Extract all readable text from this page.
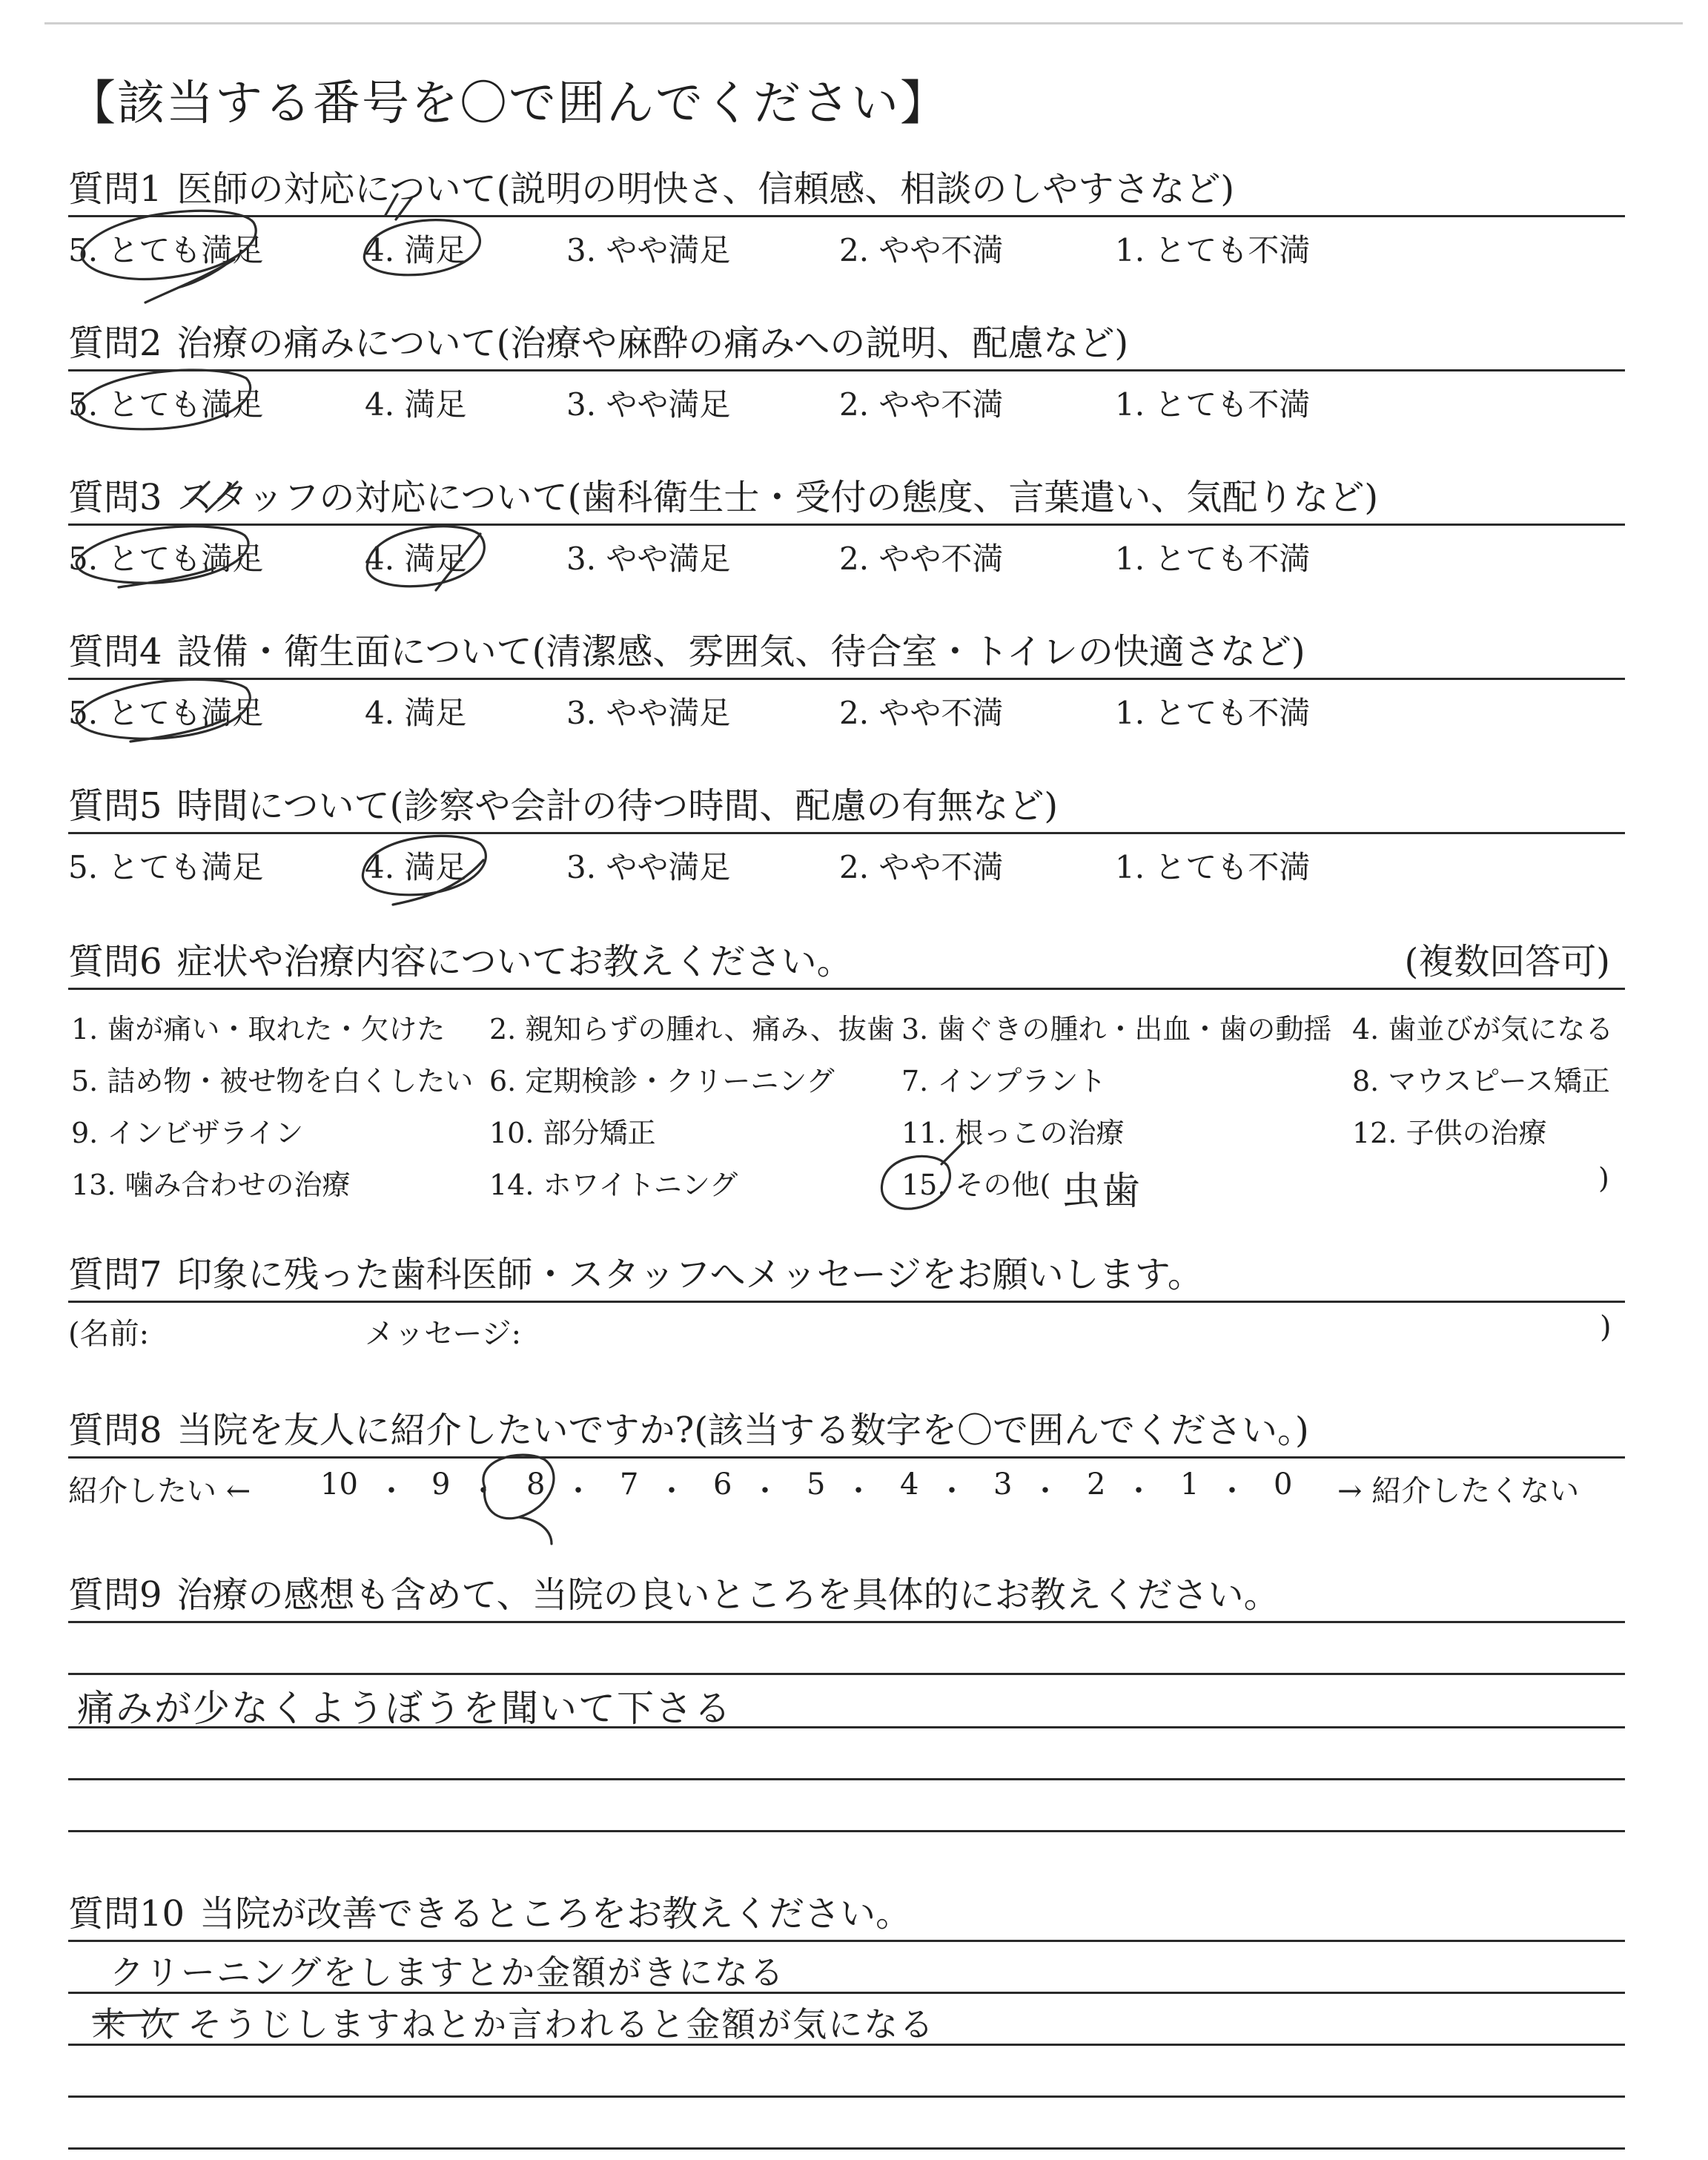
【該当する番号を〇で囲んでください】
質問1 医師の対応について(説明の明快さ、信頼感、相談のしやすさなど)
5. とても満足	4. 満足	3. やや満足	2. やや不満	1. とても不満
質問2 治療の痛みについて(治療や麻酔の痛みへの説明、配慮など)
5. とても満足	4. 満足	3. やや満足	2. やや不満	1. とても不満
質問3 スタッフの対応について(歯科衛生士・受付の態度、言葉遣い、気配りなど)
5. とても満足	4. 満足	3. やや満足	2. やや不満	1. とても不満
質問4 設備・衛生面について(清潔感、雰囲気、待合室・トイレの快適さなど)
5. とても満足	4. 満足	3. やや満足	2. やや不満	1. とても不満
質問5 時間について(診察や会計の待つ時間、配慮の有無など)
5. とても満足	4. 満足	3. やや満足	2. やや不満	1. とても不満
質問6 症状や治療内容についてお教えください。	(複数回答可)
1. 歯が痛い・取れた・欠けた 2. 親知らずの腫れ、痛み、抜歯 3. 歯ぐきの腫れ・出血・歯の動揺 4. 歯並びが気になる
5. 詰め物・被せ物を白くしたい 6. 定期検診・クリーニング 7. インプラント	8. マウスピース矯正
9. インビザライン	10. 部分矯正	11. 根っこの治療	12. 子供の治療
13. 噛み合わせの治療	14. ホワイトニング	15. その他(	)
虫歯
質問7 印象に残った歯科医師・スタッフへメッセージをお願いします。
(名前:	メッセージ:	)
質問8 当院を友人に紹介したいですか?(該当する数字を〇で囲んでください。)
紹介したい ← 10 ・ 9 ・ 8 ・ 7 ・ 6 ・ 5 ・ 4 ・ 3 ・ 2 ・ 1 ・ 0 → 紹介したくない
質問9 治療の感想も含めて、当院の良いところを具体的にお教えください。
痛みが少なくようぼうを聞いて下さる
質問10 当院が改善できるところをお教えください。
クリーニングをしますとか金額がきになる
来 次 そうじしますねとか言われると金額が気になる
